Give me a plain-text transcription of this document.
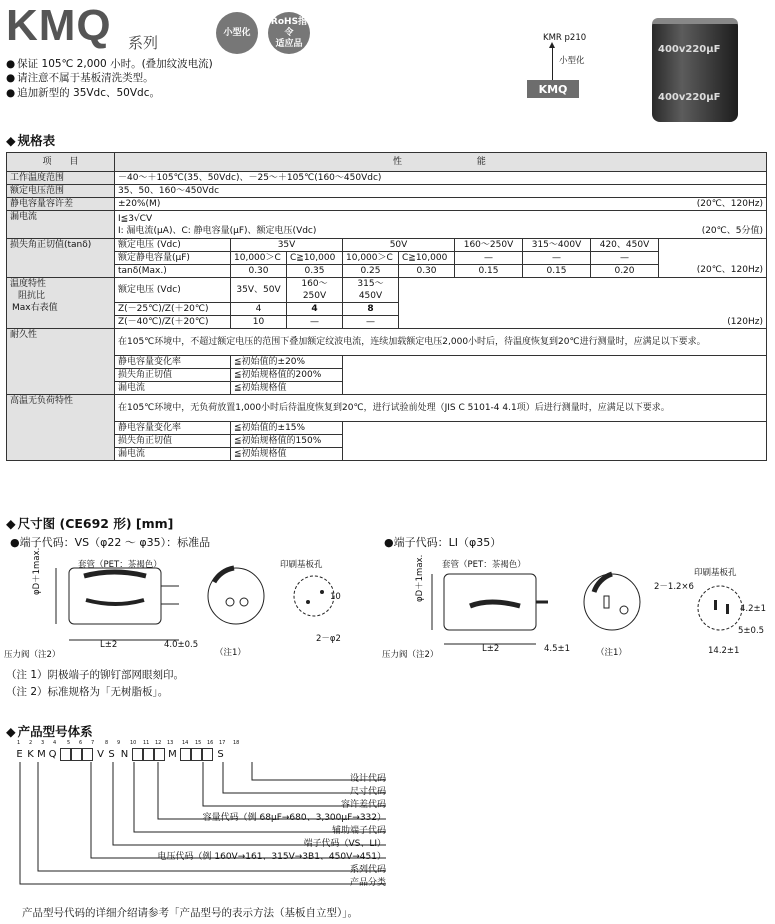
KMQ 系列
小型化
RoHS指令
适应品
● 保证 105℃ 2,000 小时。(叠加纹波电流)
● 请注意不属于基板清洗类型。
● 追加新型的 35Vdc、50Vdc。
KMR p210
小型化
KMQ
400v220μF
400v220μF
◆ 规格表
项　　目	性 能								
工作温度范围	－40～＋105℃(35、50Vdc)、－25～＋105℃(160～450Vdc)								
额定电压范围	35、50、160～450Vdc								
静电容量容许差	±20%(M) (20℃、120Hz)								

漏电流	I≦3√CV
I: 漏电流(μA)、C: 静电容量(μF)、额定电压(Vdc) (20℃、5分值)								

损失角正切值(tanδ)	额定电压 (Vdc)	35V		50V		160～250V	315～400V	420、450V	(20℃、120Hz)

	额定静电容量(μF)	10,000＞C	C≧10,000	10,000＞C	C≧10,000	—	—	—	
	tanδ(Max.)	0.30	0.35	0.25	0.30	0.15	0.15	0.20	

温度特性
阻抗比
Max右表值	额定电压 (Vdc)	35V、50V	160～250V	315～450V	(120Hz)				
	Z(－25℃)/Z(＋20℃)	4	4	8					
	Z(－40℃)/Z(＋20℃)	10	—	—					
耐久性	在105℃环境中，不超过额定电压的范围下叠加额定纹波电流，连续加载额定电压2,000小时后，待温度恢复到20℃进行测量时，应满足以下要求。								
	静电容量变化率	≦初始值的±20%							
	损失角正切值	≦初始规格值的200%							
	漏电流	≦初始规格值							
高温无负荷特性	在105℃环境中，无负荷放置1,000小时后待温度恢复到20℃，进行试验前处理（JIS C 5101-4 4.1项）后进行测量时，应满足以下要求。								
	静电容量变化率	≦初始值的±15%							
	损失角正切值	≦初始规格值的150%							
	漏电流	≦初始规格值							
◆ 尺寸图 (CE692 形) [mm]
●端子代码：VS（φ22 ～ φ35）：标准品	●端子代码：LI（φ35）
套管（PET：茶褐色）	印刷基板孔
φD＋1max.
L±2	4.0±0.5
压力阀（注2）	（注1）
10
2－φ2
套管（PET：茶褐色）
印刷基板孔
2－1.2×6
4.2±1
5±0.5
14.2±1
φD＋1max.
L±2	4.5±1
压力阀（注2）	（注1）
（注 1）阴极端子的铆钉部网眼刻印。
（注 2）标准规格为「无树脂板」。
◆ 产品型号体系
1 2 3 4 5 6 7 8 9 10 11 12 13 14 15 16 17 18
E K M Q	V S N	M	S
设计代码
尺寸代码
容许差代码
容量代码（例 68μF→680、3,300μF→332）
辅助端子代码
端子代码（VS、LI）
电压代码（例 160V→161、315V→3B1、450V→451）
系列代码
产品分类
产品型号代码的详细介绍请参考「产品型号的表示方法（基板自立型）」。
